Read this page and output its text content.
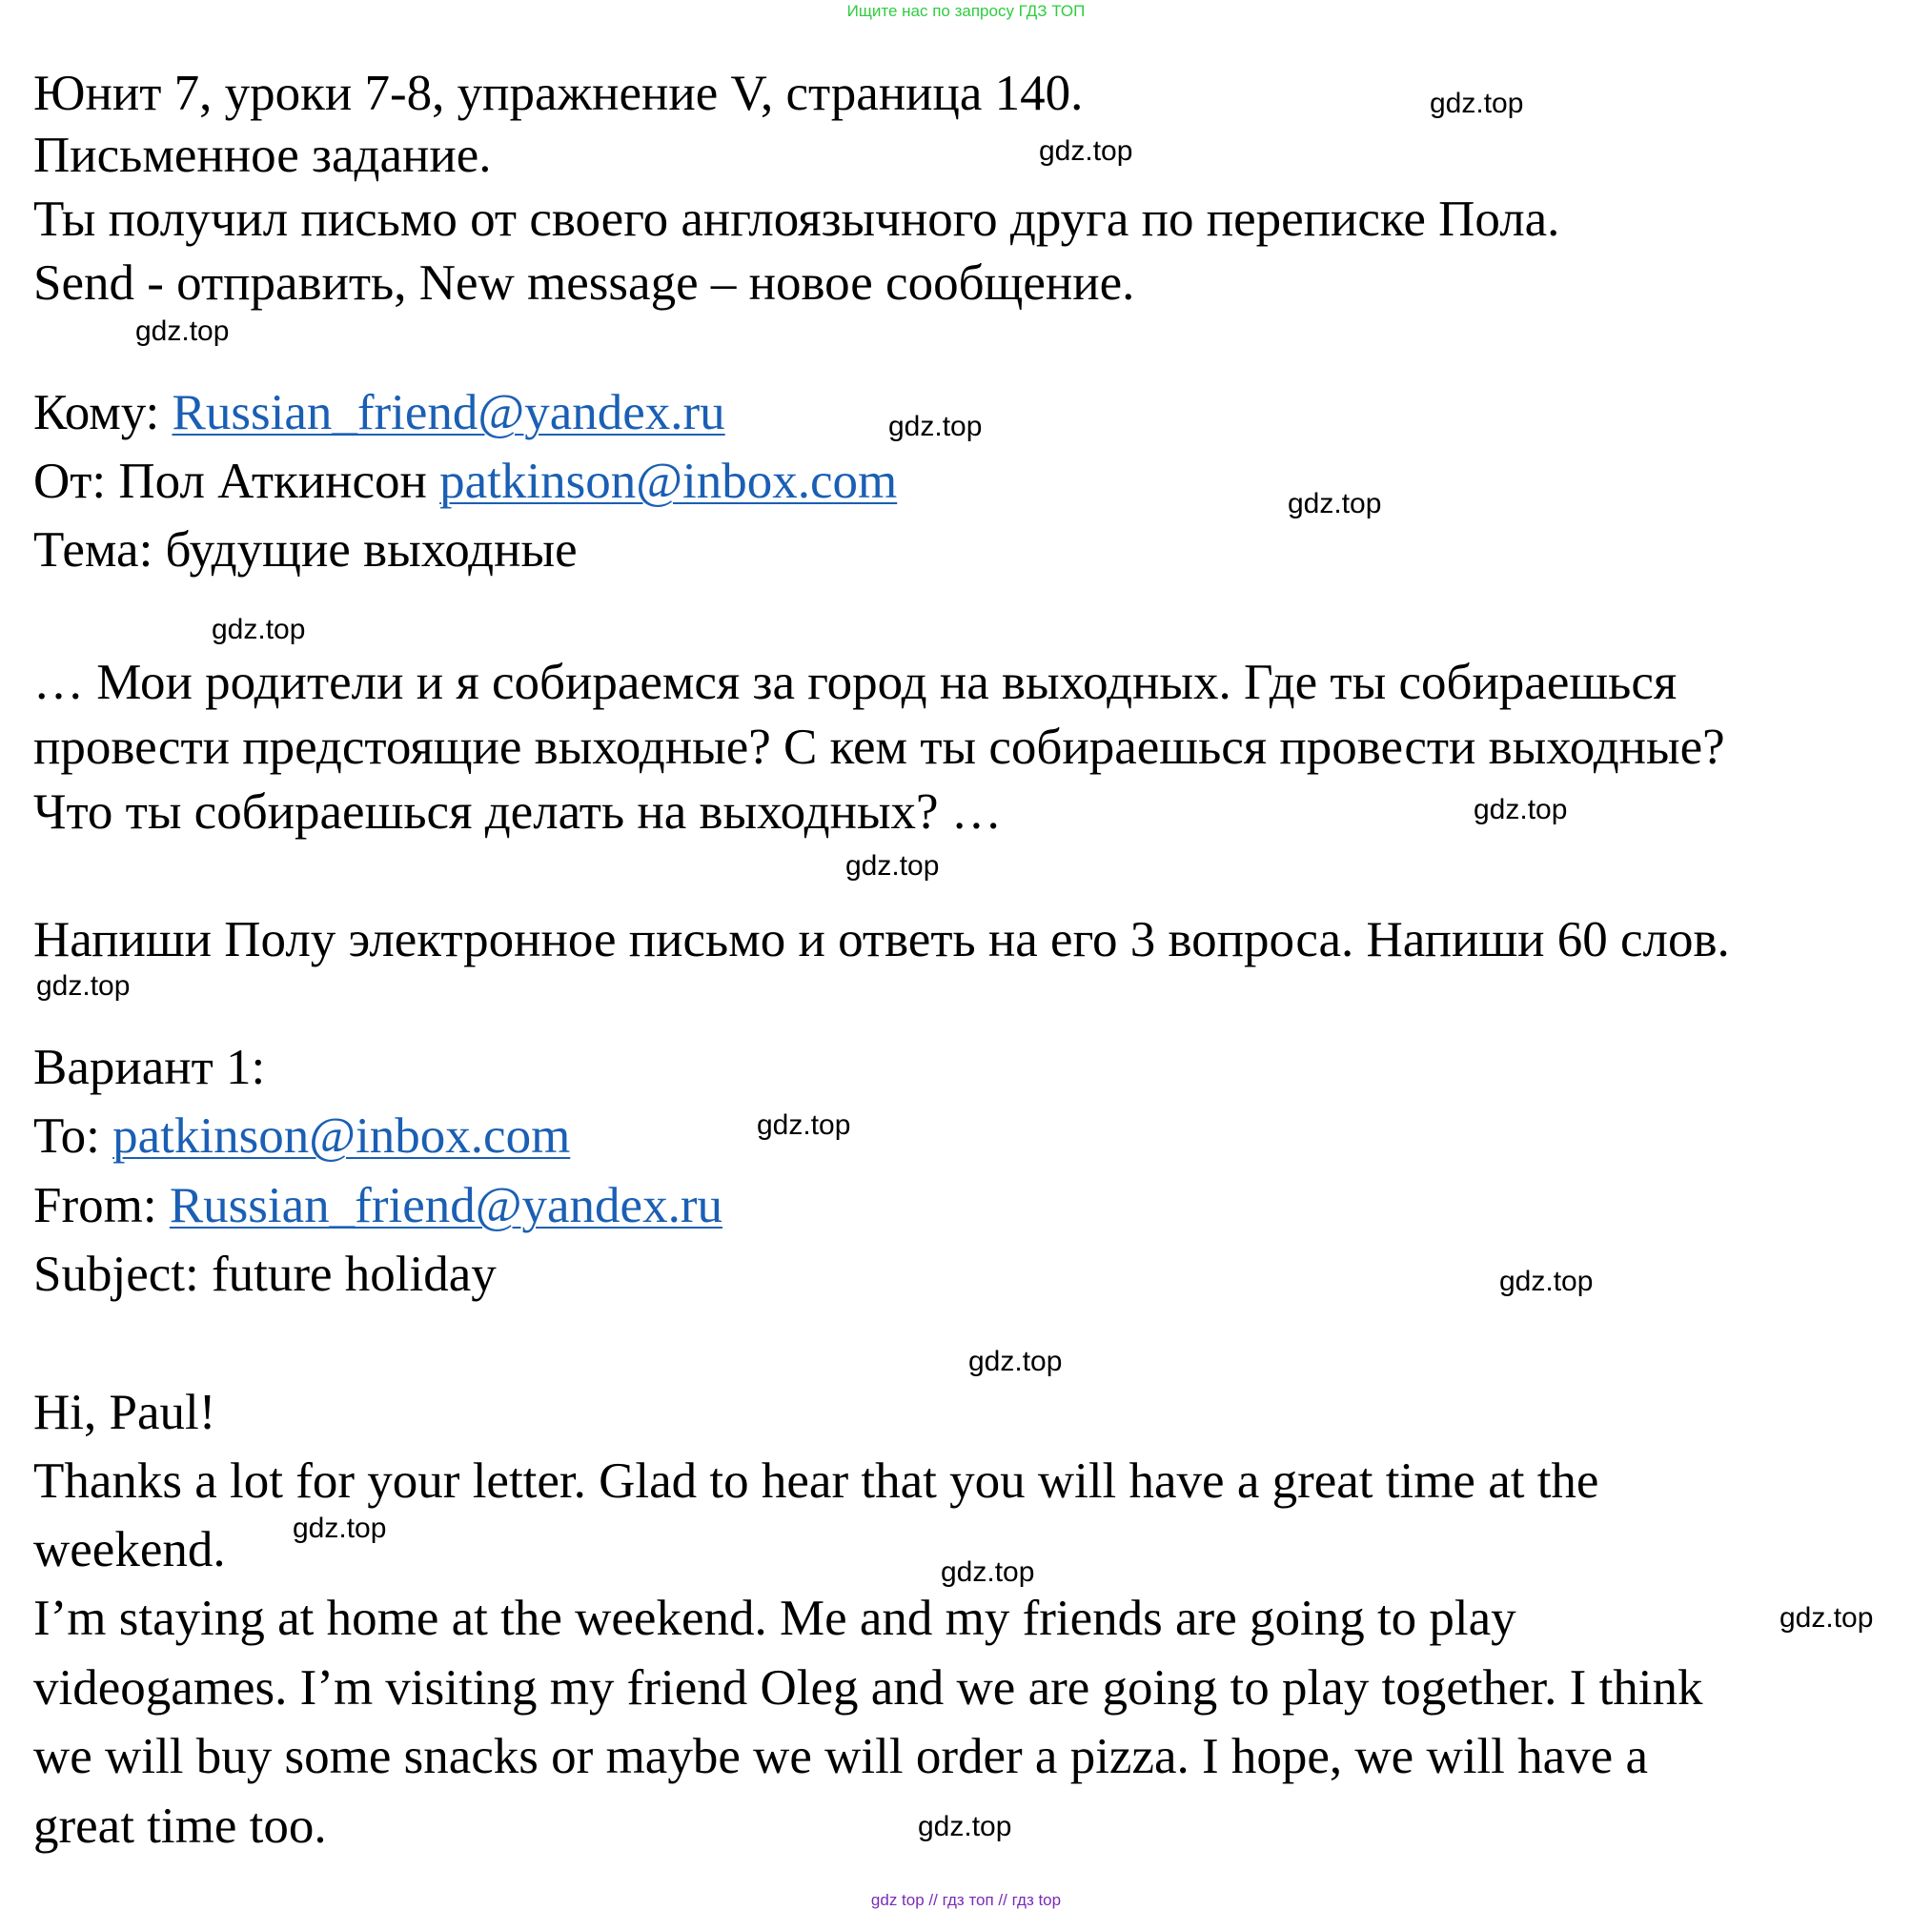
Ищите нас по запросу ГДЗ ТОП
Юнит 7, уроки 7-8, упражнение V, страница 140.
Письменное задание.
Ты получил письмо от своего англоязычного друга по переписке Пола.
Send - отправить, New message – новое сообщение.
Кому: Russian_friend@yandex.ru
От: Пол Аткинсон patkinson@inbox.com
Тема: будущие выходные
… Мои родители и я собираемся за город на выходных. Где ты собираешься
провести предстоящие выходные? С кем ты собираешься провести выходные?
Что ты собираешься делать на выходных? …
Напиши Полу электронное письмо и ответь на его 3 вопроса. Напиши 60 слов.
Вариант 1:
To: patkinson@inbox.com
From: Russian_friend@yandex.ru
Subject: future holiday
Hi, Paul!
Thanks a lot for your letter. Glad to hear that you will have a great time at the
weekend.
I’m staying at home at the weekend. Me and my friends are going to play
videogames. I’m visiting my friend Oleg and we are going to play together. I think
we will buy some snacks or maybe we will order a pizza. I hope, we will have a
great time too.
gdz.top
gdz.top
gdz.top
gdz.top
gdz.top
gdz.top
gdz.top
gdz.top
gdz.top
gdz.top
gdz.top
gdz.top
gdz.top
gdz.top
gdz.top
gdz.top
gdz top // гдз топ // гдз top
